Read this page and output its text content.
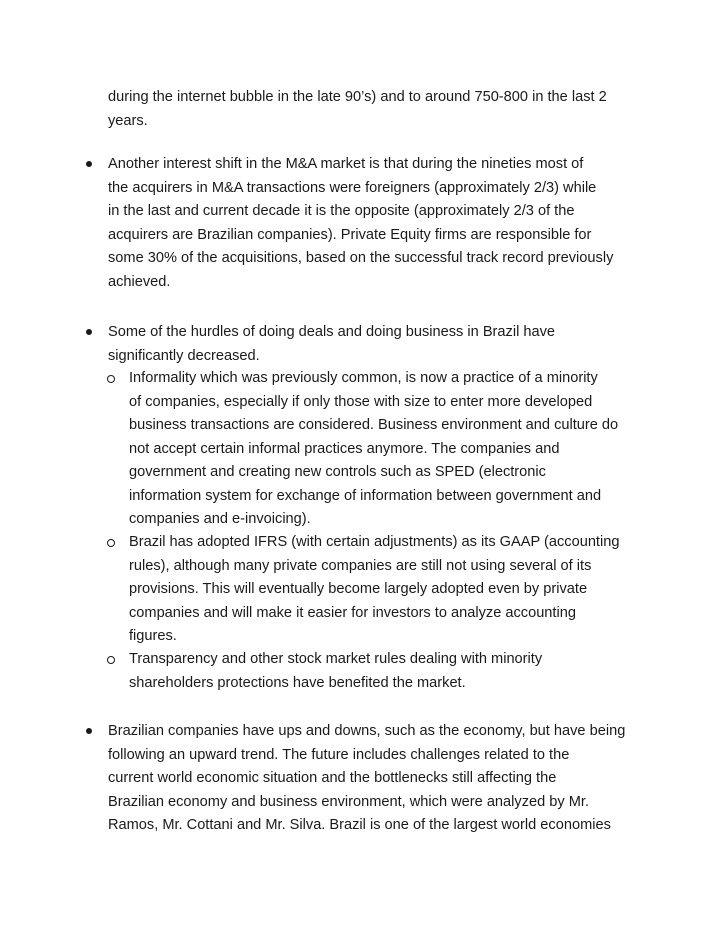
during the internet bubble in the late 90’s) and to around 750-800 in the last 2
years.

Another interest shift in the M&A market is that during the nineties most of
the acquirers in M&A transactions were foreigners (approximately 2/3) while
in the last and current decade it is the opposite (approximately 2/3 of the
acquirers are Brazilian companies). Private Equity firms are responsible for
some 30% of the acquisitions, based on the successful track record previously
achieved.

Some of the hurdles of doing deals and doing business in Brazil have
significantly decreased.

Informality which was previously common, is now a practice of a minority
of companies, especially if only those with size to enter more developed
business transactions are considered. Business environment and culture do
not accept certain informal practices anymore. The companies and
government and creating new controls such as SPED (electronic
information system for exchange of information between government and
companies and e-invoicing).

Brazil has adopted IFRS (with certain adjustments) as its GAAP (accounting
rules), although many private companies are still not using several of its
provisions. This will eventually become largely adopted even by private
companies and will make it easier for investors to analyze accounting
figures.

Transparency and other stock market rules dealing with minority
shareholders protections have benefited the market.

Brazilian companies have ups and downs, such as the economy, but have being
following an upward trend. The future includes challenges related to the
current world economic situation and the bottlenecks still affecting the
Brazilian economy and business environment, which were analyzed by Mr.
Ramos, Mr. Cottani and Mr. Silva. Brazil is one of the largest world economies
